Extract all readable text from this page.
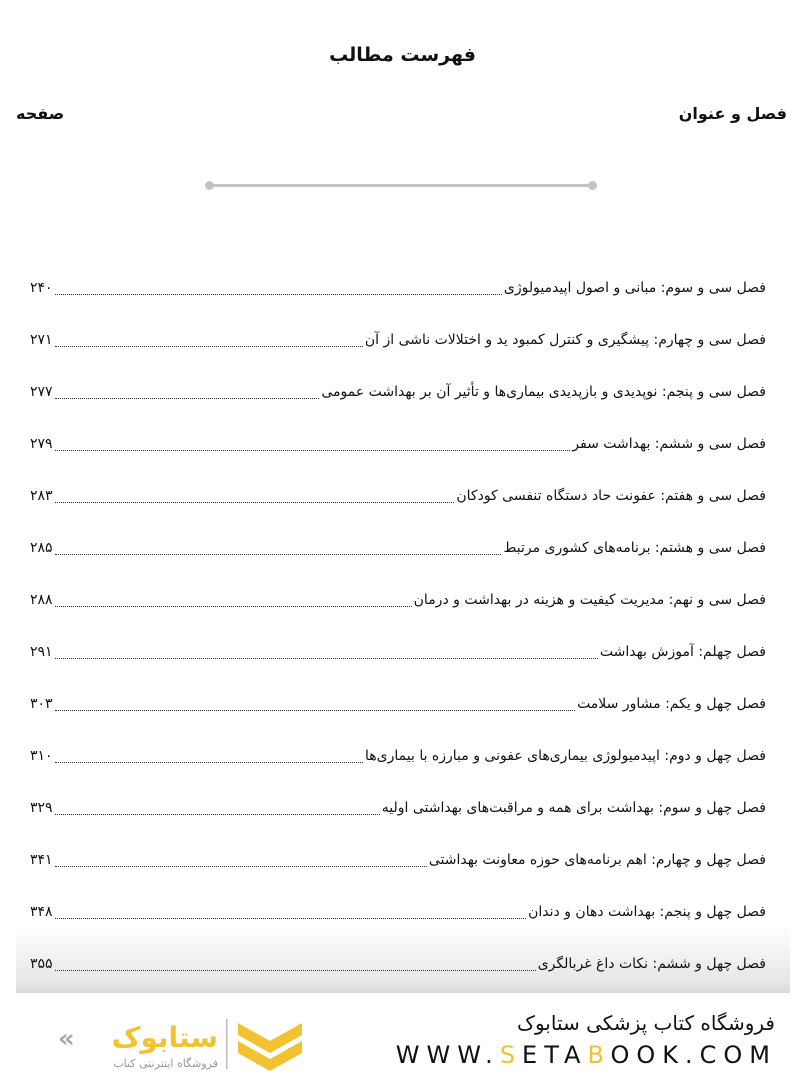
فهرست مطالب
فصل و عنوان
صفحه
فصل سی و سوم: مبانی و اصول اپیدمیولوژی
۲۴۰
فصل سی و چهارم: پیشگیری و کنترل کمبود ید و اختلالات ناشی از آن
۲۷۱
فصل سی و پنجم: نوپدیدی و بازپدیدی بیماری‌ها و تأثیر آن بر بهداشت عمومی
۲۷۷
فصل سی و ششم: بهداشت سفر
۲۷۹
فصل سی و هفتم: عفونت حاد دستگاه تنفسی کودکان
۲۸۳
فصل سی و هشتم: برنامه‌های کشوری مرتبط
۲۸۵
فصل سی و نهم: مدیریت کیفیت و هزینه در بهداشت و درمان
۲۸۸
فصل چهلم: آموزش بهداشت
۲۹۱
فصل چهل و یکم: مشاور سلامت
۳۰۳
فصل چهل و دوم: اپیدمیولوژی بیماری‌های عفونی و مبارزه با بیماری‌ها
۳۱۰
فصل چهل و سوم: بهداشت برای همه و مراقبت‌های بهداشتی اولیه
۳۲۹
فصل چهل و چهارم: اهم برنامه‌های حوزه معاونت بهداشتی
۳۴۱
فصل چهل و پنجم: بهداشت دهان و دندان
۳۴۸
فصل چهل و ششم: نکات داغ غربالگری
۳۵۵
فروشگاه کتاب پزشکی ستابوک
WWW.SETABOOK.COM
ستابوک
«
فروشگاه اینترنتی کتاب
